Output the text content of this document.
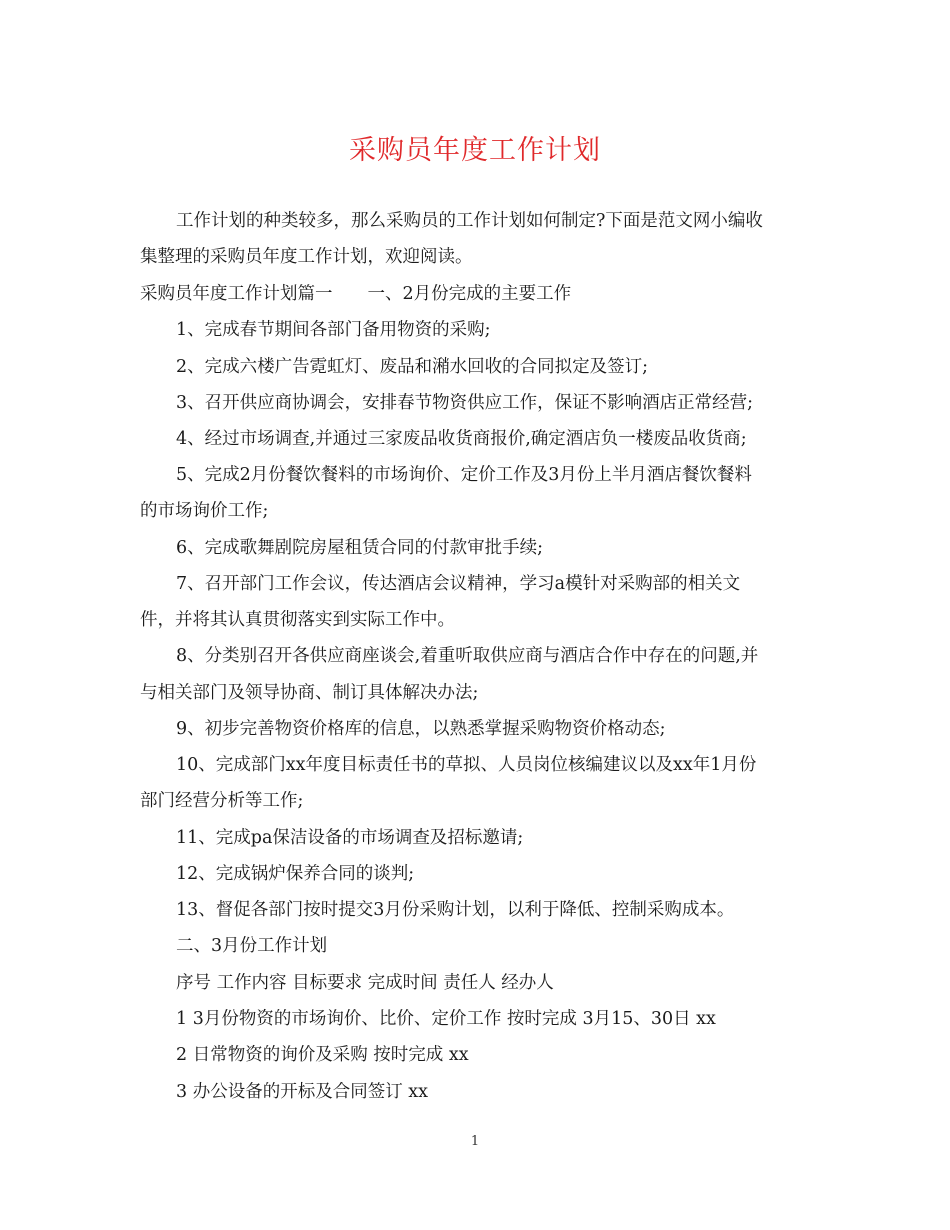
采购员年度工作计划
工作计划的种类较多，那么采购员的工作计划如何制定?下面是范文网小编收
集整理的采购员年度工作计划，欢迎阅读。
采购员年度工作计划篇一　　一、2月份完成的主要工作
1、完成春节期间各部门备用物资的采购;
2、完成六楼广告霓虹灯、废品和潲水回收的合同拟定及签订;
3、召开供应商协调会，安排春节物资供应工作，保证不影响酒店正常经营;
4、经过市场调查,并通过三家废品收货商报价,确定酒店负一楼废品收货商;
5、完成2月份餐饮餐料的市场询价、定价工作及3月份上半月酒店餐饮餐料
的市场询价工作;
6、完成歌舞剧院房屋租赁合同的付款审批手续;
7、召开部门工作会议，传达酒店会议精神，学习a模针对采购部的相关文
件，并将其认真贯彻落实到实际工作中。
8、分类别召开各供应商座谈会,着重听取供应商与酒店合作中存在的问题,并
与相关部门及领导协商、制订具体解决办法;
9、初步完善物资价格库的信息，以熟悉掌握采购物资价格动态;
10、完成部门xx年度目标责任书的草拟、人员岗位核编建议以及xx年1月份
部门经营分析等工作;
11、完成pa保洁设备的市场调查及招标邀请;
12、完成锅炉保养合同的谈判;
13、督促各部门按时提交3月份采购计划，以利于降低、控制采购成本。
二、3月份工作计划
序号 工作内容 目标要求 完成时间 责任人 经办人
1 3月份物资的市场询价、比价、定价工作 按时完成 3月15、30日 xx
2 日常物资的询价及采购 按时完成 xx
3 办公设备的开标及合同签订 xx
1
